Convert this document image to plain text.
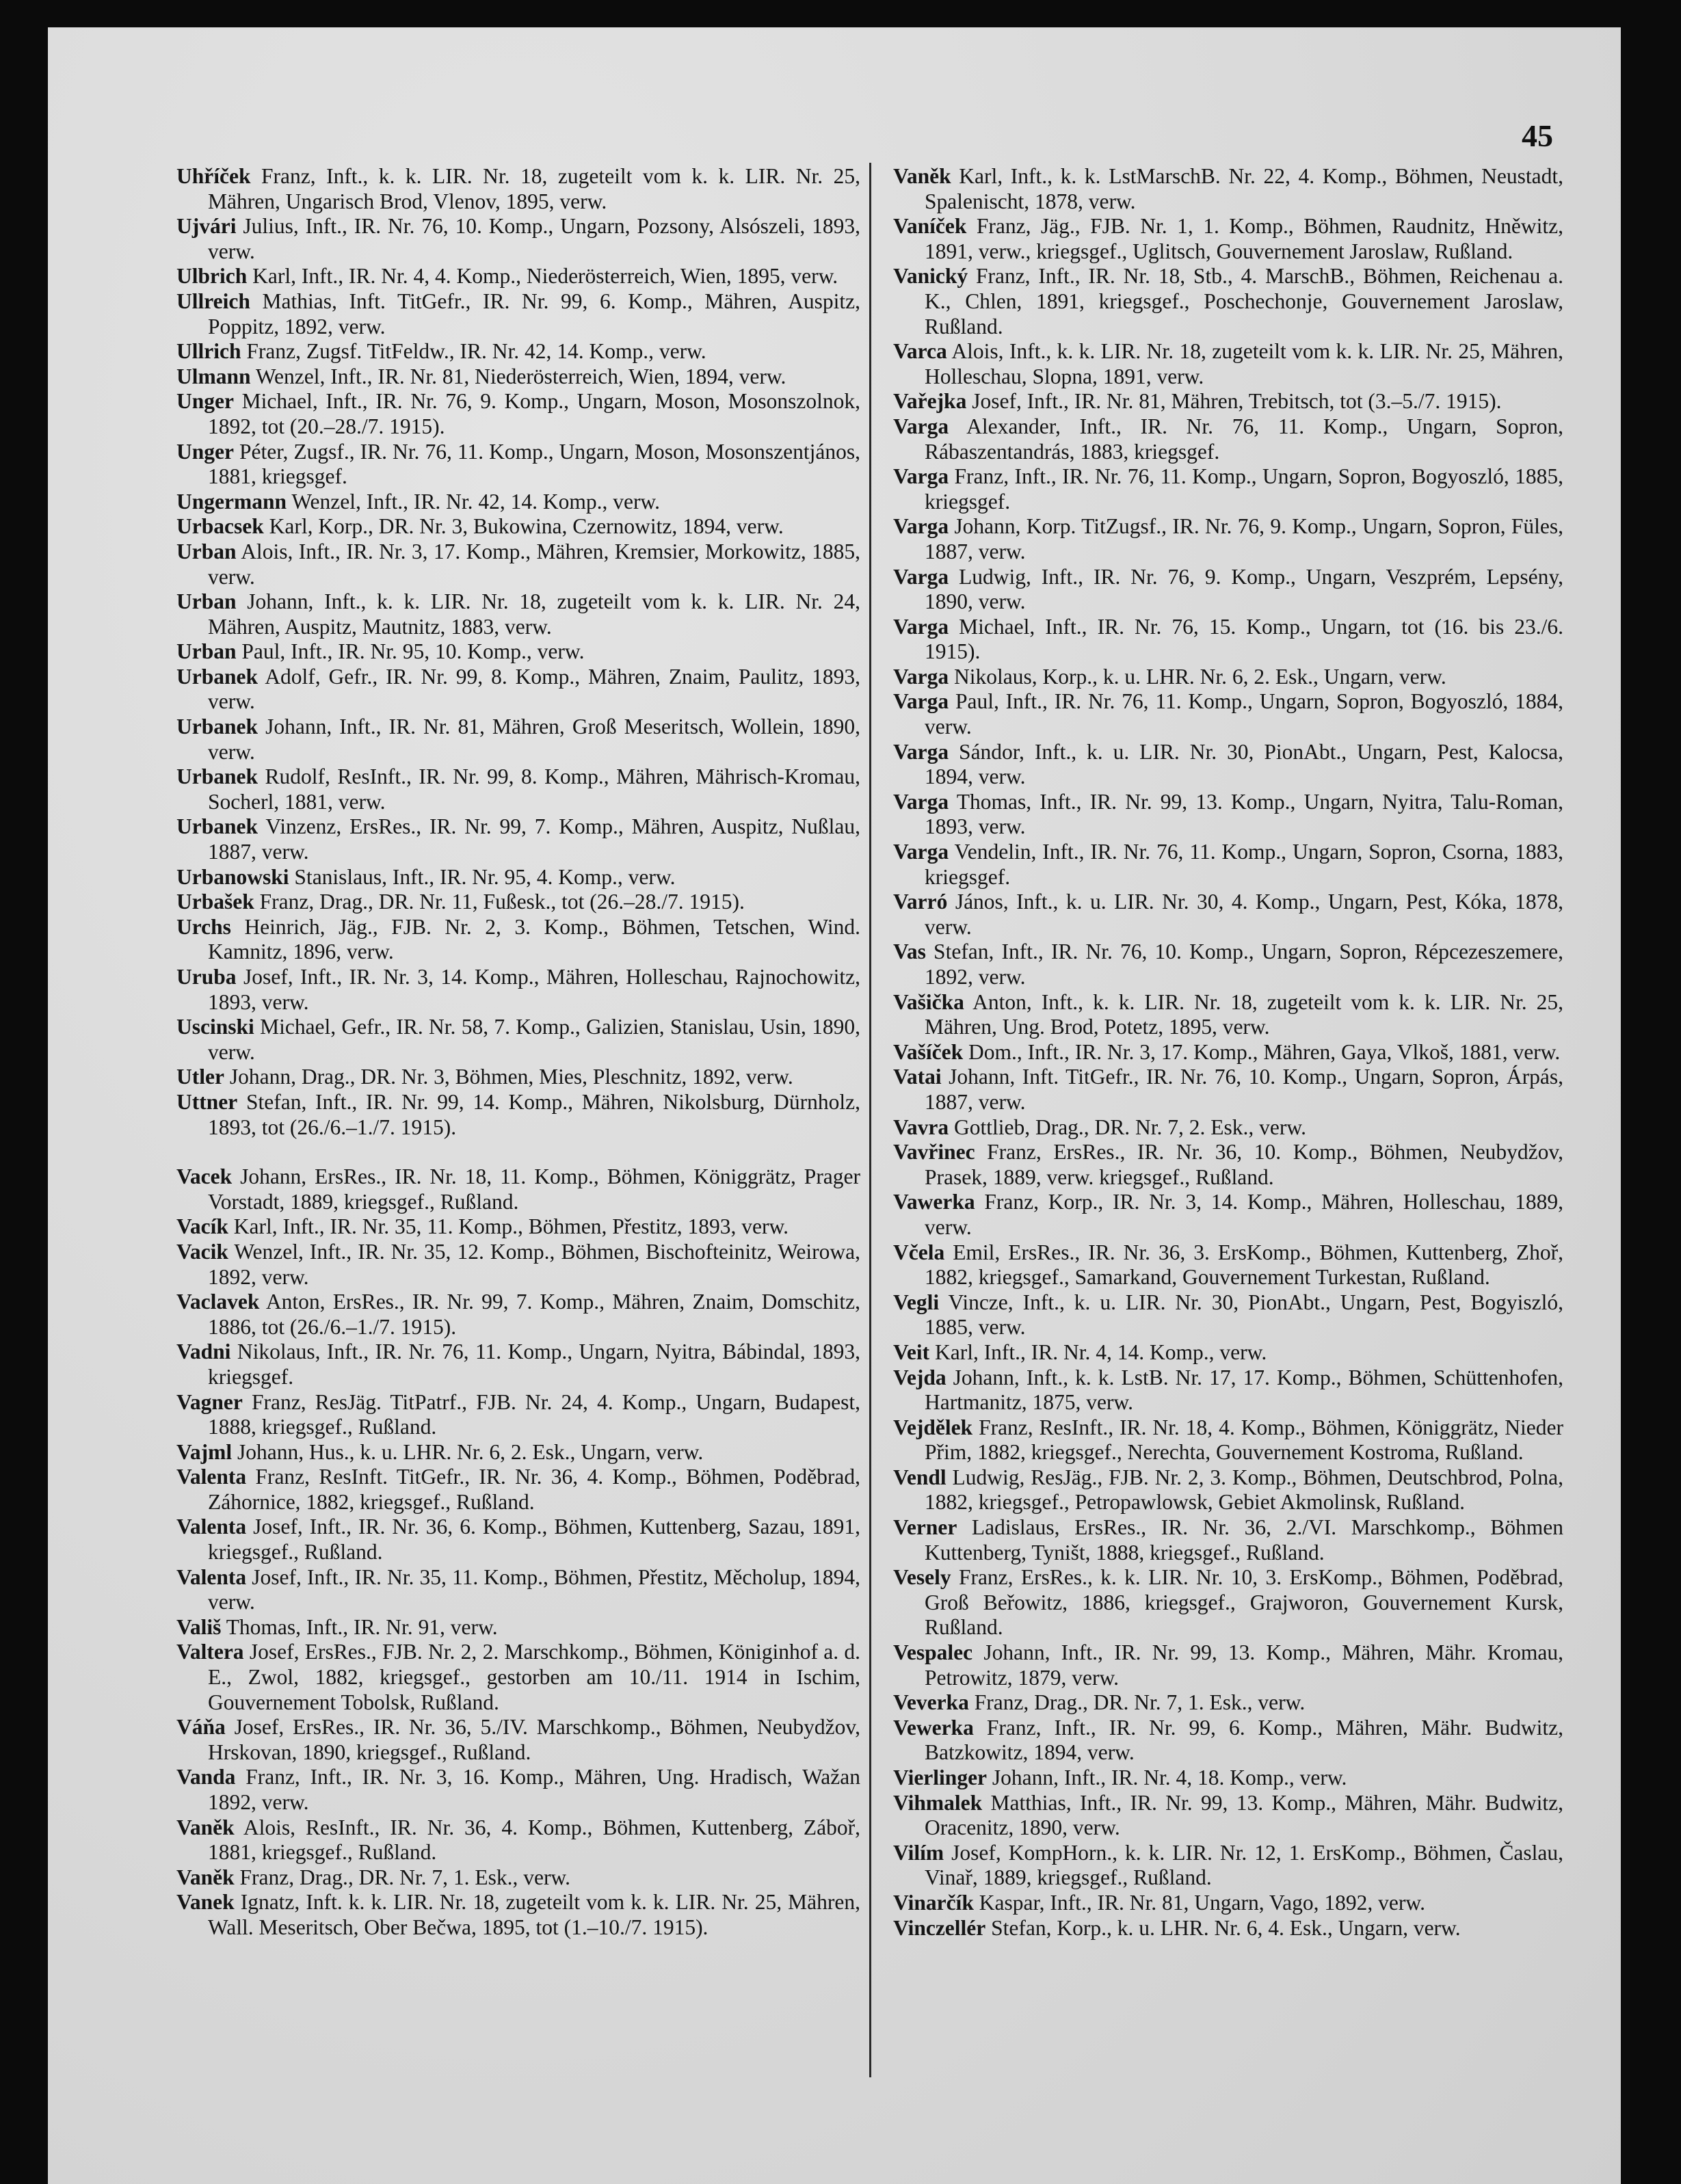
45

Uhříček Franz, Inft., k. k. LIR. Nr. 18, zugeteilt vom k. k. LIR. Nr. 25, Mähren, Ungarisch Brod, Vlenov, 1895, verw.

Ujvári Julius, Inft., IR. Nr. 76, 10. Komp., Ungarn, Pozsony, Alsószeli, 1893, verw.

Ulbrich Karl, Inft., IR. Nr. 4, 4. Komp., Niederösterreich, Wien, 1895, verw.

Ullreich Mathias, Inft. TitGefr., IR. Nr. 99, 6. Komp., Mähren, Auspitz, Poppitz, 1892, verw.

Ullrich Franz, Zugsf. TitFeldw., IR. Nr. 42, 14. Komp., verw.

Ulmann Wenzel, Inft., IR. Nr. 81, Niederösterreich, Wien, 1894, verw.

Unger Michael, Inft., IR. Nr. 76, 9. Komp., Ungarn, Moson, Mosonszolnok, 1892, tot (20.–28./7. 1915).

Unger Péter, Zugsf., IR. Nr. 76, 11. Komp., Ungarn, Moson, Mosonszentjános, 1881, kriegsgef.

Ungermann Wenzel, Inft., IR. Nr. 42, 14. Komp., verw.

Urbacsek Karl, Korp., DR. Nr. 3, Bukowina, Czernowitz, 1894, verw.

Urban Alois, Inft., IR. Nr. 3, 17. Komp., Mähren, Kremsier, Morkowitz, 1885, verw.

Urban Johann, Inft., k. k. LIR. Nr. 18, zugeteilt vom k. k. LIR. Nr. 24, Mähren, Auspitz, Mautnitz, 1883, verw.

Urban Paul, Inft., IR. Nr. 95, 10. Komp., verw.

Urbanek Adolf, Gefr., IR. Nr. 99, 8. Komp., Mähren, Znaim, Paulitz, 1893, verw.

Urbanek Johann, Inft., IR. Nr. 81, Mähren, Groß Meseritsch, Wollein, 1890, verw.

Urbanek Rudolf, ResInft., IR. Nr. 99, 8. Komp., Mähren, Mährisch-Kromau, Socherl, 1881, verw.

Urbanek Vinzenz, ErsRes., IR. Nr. 99, 7. Komp., Mähren, Auspitz, Nußlau, 1887, verw.

Urbanowski Stanislaus, Inft., IR. Nr. 95, 4. Komp., verw.

Urbašek Franz, Drag., DR. Nr. 11, Fußesk., tot (26.–28./7. 1915).

Urchs Heinrich, Jäg., FJB. Nr. 2, 3. Komp., Böhmen, Tetschen, Wind. Kamnitz, 1896, verw.

Uruba Josef, Inft., IR. Nr. 3, 14. Komp., Mähren, Holleschau, Rajnochowitz, 1893, verw.

Uscinski Michael, Gefr., IR. Nr. 58, 7. Komp., Galizien, Stanislau, Usin, 1890, verw.

Utler Johann, Drag., DR. Nr. 3, Böhmen, Mies, Pleschnitz, 1892, verw.

Uttner Stefan, Inft., IR. Nr. 99, 14. Komp., Mähren, Nikolsburg, Dürnholz, 1893, tot (26./6.–1./7. 1915).

Vacek Johann, ErsRes., IR. Nr. 18, 11. Komp., Böhmen, Königgrätz, Prager Vorstadt, 1889, kriegsgef., Rußland.

Vacík Karl, Inft., IR. Nr. 35, 11. Komp., Böhmen, Přestitz, 1893, verw.

Vacik Wenzel, Inft., IR. Nr. 35, 12. Komp., Böhmen, Bischofteinitz, Weirowa, 1892, verw.

Vaclavek Anton, ErsRes., IR. Nr. 99, 7. Komp., Mähren, Znaim, Domschitz, 1886, tot (26./6.–1./7. 1915).

Vadni Nikolaus, Inft., IR. Nr. 76, 11. Komp., Ungarn, Nyitra, Bábindal, 1893, kriegsgef.

Vagner Franz, ResJäg. TitPatrf., FJB. Nr. 24, 4. Komp., Ungarn, Budapest, 1888, kriegsgef., Rußland.

Vajml Johann, Hus., k. u. LHR. Nr. 6, 2. Esk., Ungarn, verw.

Valenta Franz, ResInft. TitGefr., IR. Nr. 36, 4. Komp., Böhmen, Poděbrad, Záhornice, 1882, kriegsgef., Rußland.

Valenta Josef, Inft., IR. Nr. 36, 6. Komp., Böhmen, Kuttenberg, Sazau, 1891, kriegsgef., Rußland.

Valenta Josef, Inft., IR. Nr. 35, 11. Komp., Böhmen, Přestitz, Měcholup, 1894, verw.

Vališ Thomas, Inft., IR. Nr. 91, verw.

Valtera Josef, ErsRes., FJB. Nr. 2, 2. Marschkomp., Böhmen, Königinhof a. d. E., Zwol, 1882, kriegsgef., gestorben am 10./11. 1914 in Ischim, Gouvernement Tobolsk, Rußland.

Váňa Josef, ErsRes., IR. Nr. 36, 5./IV. Marschkomp., Böhmen, Neubydžov, Hrskovan, 1890, kriegsgef., Rußland.

Vanda Franz, Inft., IR. Nr. 3, 16. Komp., Mähren, Ung. Hradisch, Wažan 1892, verw.

Vaněk Alois, ResInft., IR. Nr. 36, 4. Komp., Böhmen, Kuttenberg, Záboř, 1881, kriegsgef., Rußland.

Vaněk Franz, Drag., DR. Nr. 7, 1. Esk., verw.

Vanek Ignatz, Inft. k. k. LIR. Nr. 18, zugeteilt vom k. k. LIR. Nr. 25, Mähren, Wall. Meseritsch, Ober Bečwa, 1895, tot (1.–10./7. 1915).

Vaněk Karl, Inft., k. k. LstMarschB. Nr. 22, 4. Komp., Böhmen, Neustadt, Spalenischt, 1878, verw.

Vaníček Franz, Jäg., FJB. Nr. 1, 1. Komp., Böhmen, Raudnitz, Hněwitz, 1891, verw., kriegsgef., Uglitsch, Gouvernement Jaroslaw, Rußland.

Vanický Franz, Inft., IR. Nr. 18, Stb., 4. MarschB., Böhmen, Reichenau a. K., Chlen, 1891, kriegsgef., Poschechonje, Gouvernement Jaroslaw, Rußland.

Varca Alois, Inft., k. k. LIR. Nr. 18, zugeteilt vom k. k. LIR. Nr. 25, Mähren, Holleschau, Slopna, 1891, verw.

Vařejka Josef, Inft., IR. Nr. 81, Mähren, Trebitsch, tot (3.–5./7. 1915).

Varga Alexander, Inft., IR. Nr. 76, 11. Komp., Ungarn, Sopron, Rábaszentandrás, 1883, kriegsgef.

Varga Franz, Inft., IR. Nr. 76, 11. Komp., Ungarn, Sopron, Bogyoszló, 1885, kriegsgef.

Varga Johann, Korp. TitZugsf., IR. Nr. 76, 9. Komp., Ungarn, Sopron, Füles, 1887, verw.

Varga Ludwig, Inft., IR. Nr. 76, 9. Komp., Ungarn, Veszprém, Lepsény, 1890, verw.

Varga Michael, Inft., IR. Nr. 76, 15. Komp., Ungarn, tot (16. bis 23./6. 1915).

Varga Nikolaus, Korp., k. u. LHR. Nr. 6, 2. Esk., Ungarn, verw.

Varga Paul, Inft., IR. Nr. 76, 11. Komp., Ungarn, Sopron, Bogyoszló, 1884, verw.

Varga Sándor, Inft., k. u. LIR. Nr. 30, PionAbt., Ungarn, Pest, Kalocsa, 1894, verw.

Varga Thomas, Inft., IR. Nr. 99, 13. Komp., Ungarn, Nyitra, Talu-Roman, 1893, verw.

Varga Vendelin, Inft., IR. Nr. 76, 11. Komp., Ungarn, Sopron, Csorna, 1883, kriegsgef.

Varró János, Inft., k. u. LIR. Nr. 30, 4. Komp., Ungarn, Pest, Kóka, 1878, verw.

Vas Stefan, Inft., IR. Nr. 76, 10. Komp., Ungarn, Sopron, Répcezeszemere, 1892, verw.

Vašička Anton, Inft., k. k. LIR. Nr. 18, zugeteilt vom k. k. LIR. Nr. 25, Mähren, Ung. Brod, Potetz, 1895, verw.

Vašíček Dom., Inft., IR. Nr. 3, 17. Komp., Mähren, Gaya, Vlkoš, 1881, verw.

Vatai Johann, Inft. TitGefr., IR. Nr. 76, 10. Komp., Ungarn, Sopron, Árpás, 1887, verw.

Vavra Gottlieb, Drag., DR. Nr. 7, 2. Esk., verw.

Vavřinec Franz, ErsRes., IR. Nr. 36, 10. Komp., Böhmen, Neubydžov, Prasek, 1889, verw. kriegsgef., Rußland.

Vawerka Franz, Korp., IR. Nr. 3, 14. Komp., Mähren, Holleschau, 1889, verw.

Včela Emil, ErsRes., IR. Nr. 36, 3. ErsKomp., Böhmen, Kuttenberg, Zhoř, 1882, kriegsgef., Samarkand, Gouvernement Turkestan, Rußland.

Vegli Vincze, Inft., k. u. LIR. Nr. 30, PionAbt., Ungarn, Pest, Bogyiszló, 1885, verw.

Veit Karl, Inft., IR. Nr. 4, 14. Komp., verw.

Vejda Johann, Inft., k. k. LstB. Nr. 17, 17. Komp., Böhmen, Schüttenhofen, Hartmanitz, 1875, verw.

Vejdělek Franz, ResInft., IR. Nr. 18, 4. Komp., Böhmen, Königgrätz, Nieder Přim, 1882, kriegsgef., Nerechta, Gouvernement Kostroma, Rußland.

Vendl Ludwig, ResJäg., FJB. Nr. 2, 3. Komp., Böhmen, Deutschbrod, Polna, 1882, kriegsgef., Petropawlowsk, Gebiet Akmolinsk, Rußland.

Verner Ladislaus, ErsRes., IR. Nr. 36, 2./VI. Marschkomp., Böhmen Kuttenberg, Tyništ, 1888, kriegsgef., Rußland.

Vesely Franz, ErsRes., k. k. LIR. Nr. 10, 3. ErsKomp., Böhmen, Poděbrad, Groß Beřowitz, 1886, kriegsgef., Grajworon, Gouvernement Kursk, Rußland.

Vespalec Johann, Inft., IR. Nr. 99, 13. Komp., Mähren, Mähr. Kromau, Petrowitz, 1879, verw.

Veverka Franz, Drag., DR. Nr. 7, 1. Esk., verw.

Vewerka Franz, Inft., IR. Nr. 99, 6. Komp., Mähren, Mähr. Budwitz, Batzkowitz, 1894, verw.

Vierlinger Johann, Inft., IR. Nr. 4, 18. Komp., verw.

Vihmalek Matthias, Inft., IR. Nr. 99, 13. Komp., Mähren, Mähr. Budwitz, Oracenitz, 1890, verw.

Vilím Josef, KompHorn., k. k. LIR. Nr. 12, 1. ErsKomp., Böhmen, Časlau, Vinař, 1889, kriegsgef., Rußland.

Vinarčík Kaspar, Inft., IR. Nr. 81, Ungarn, Vago, 1892, verw.

Vinczellér Stefan, Korp., k. u. LHR. Nr. 6, 4. Esk., Ungarn, verw.
